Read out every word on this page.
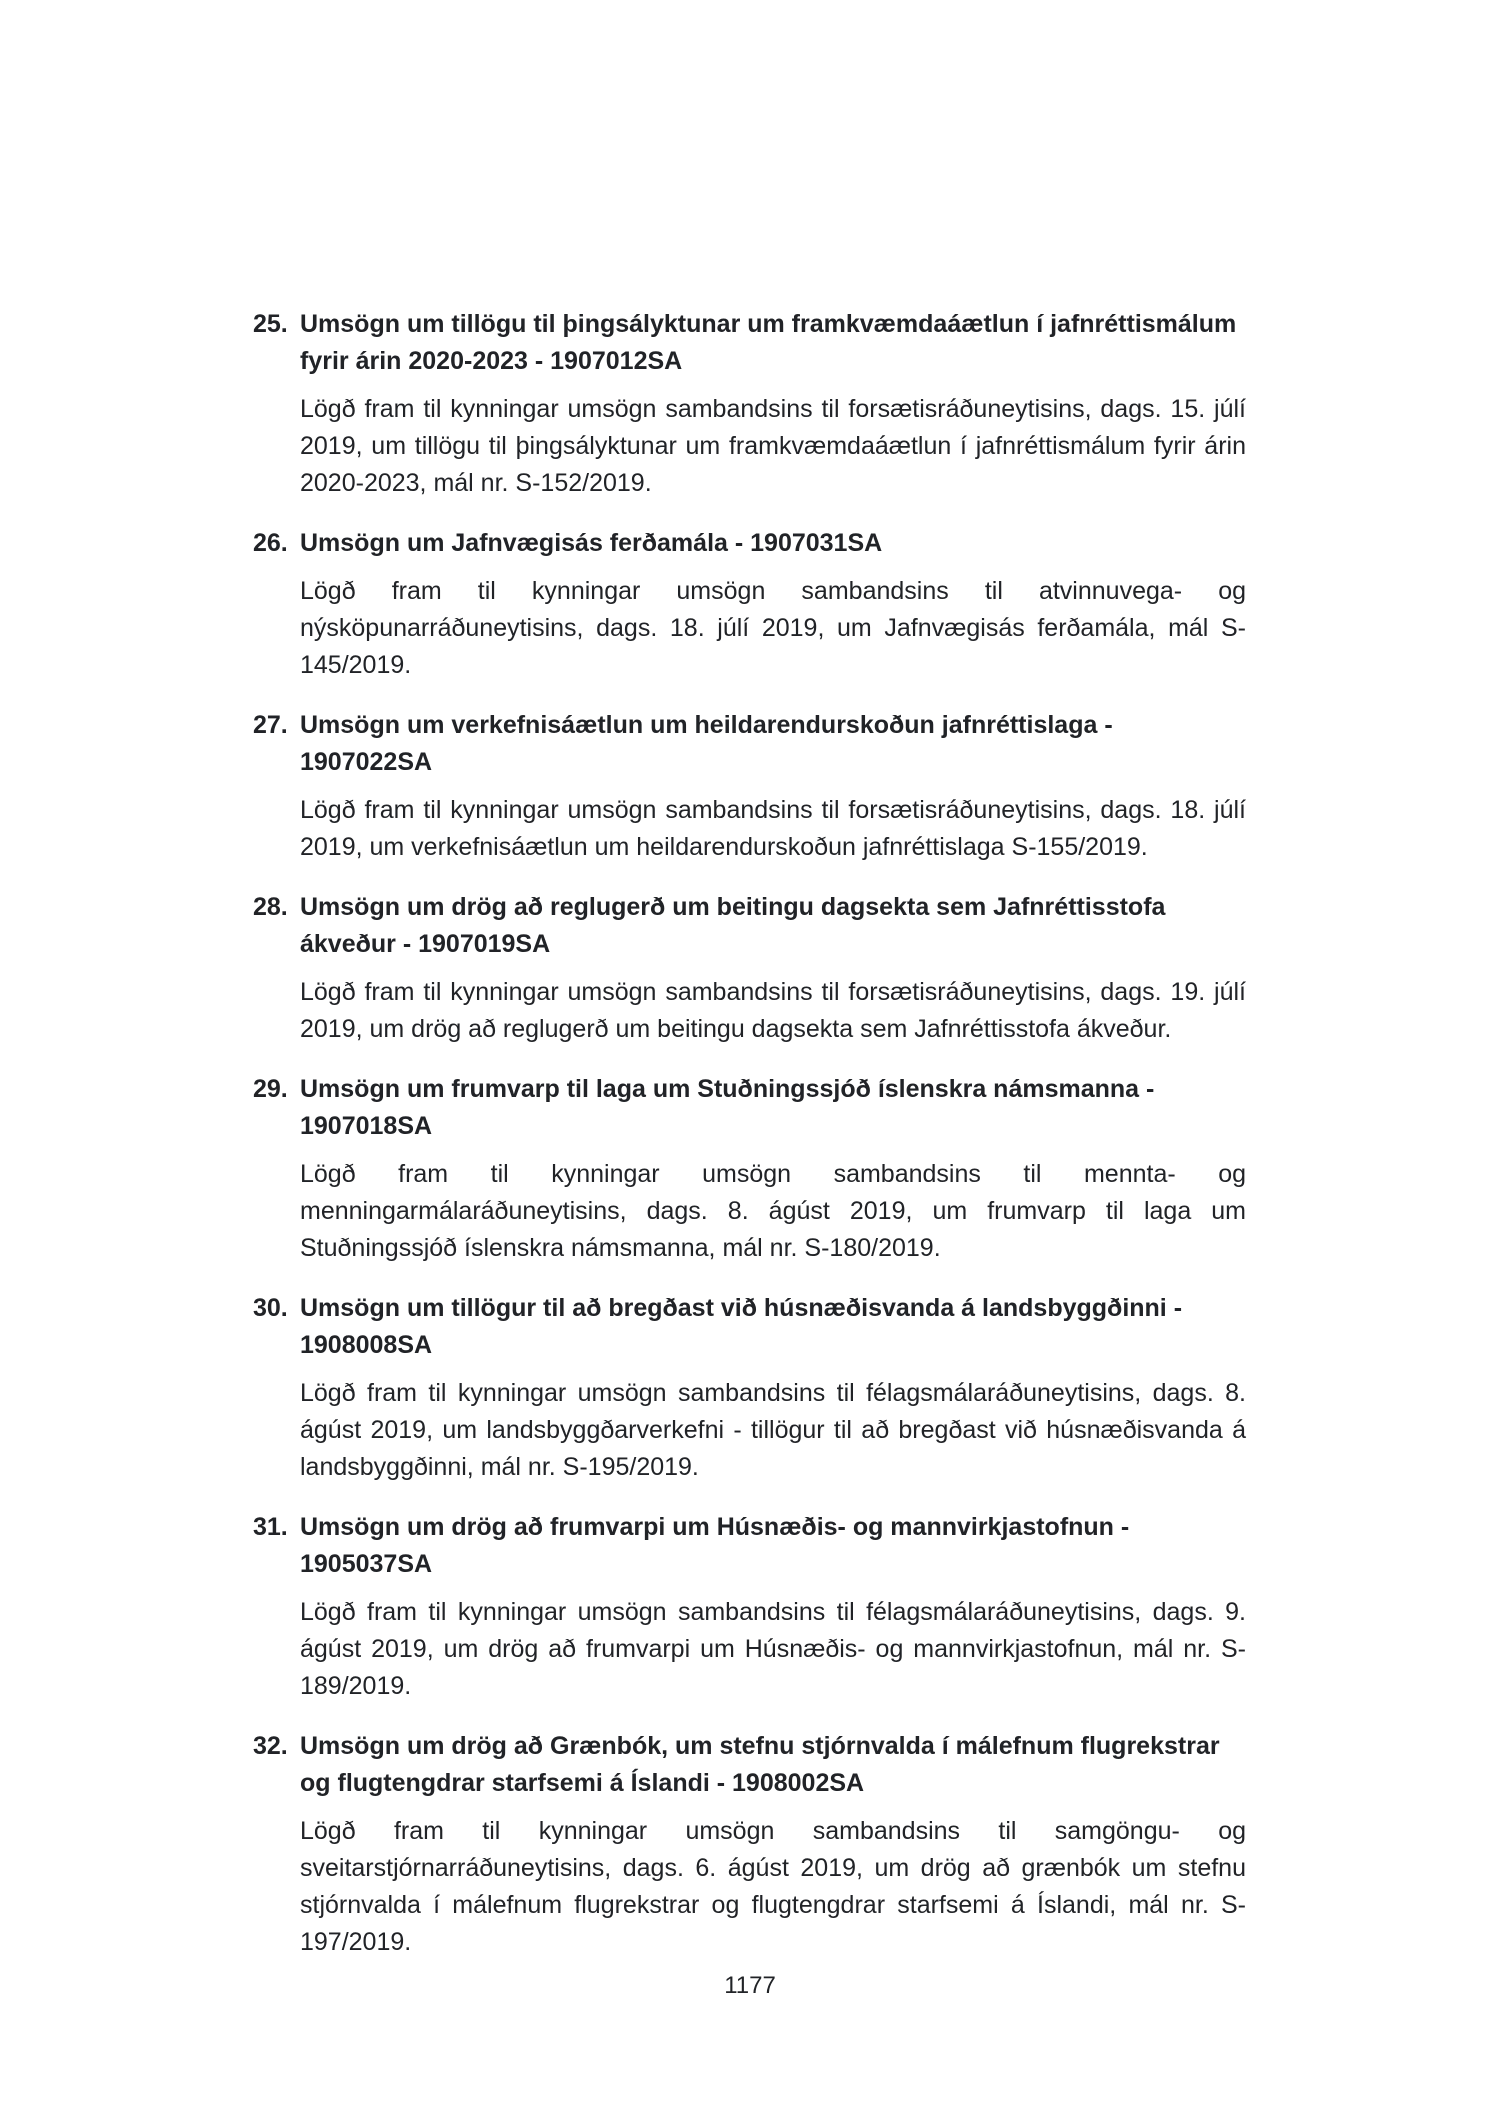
25. Umsögn um tillögu til þingsályktunar um framkvæmdaáætlun í jafnréttismálum fyrir árin 2020-2023 - 1907012SA
Lögð fram til kynningar umsögn sambandsins til forsætisráðuneytisins, dags. 15. júlí 2019, um tillögu til þingsályktunar um framkvæmdaáætlun í jafnréttismálum fyrir árin 2020-2023, mál nr. S-152/2019.
26. Umsögn um Jafnvægisás ferðamála - 1907031SA
Lögð fram til kynningar umsögn sambandsins til atvinnuvega- og nýsköpunarráðuneytisins, dags. 18. júlí 2019, um Jafnvægisás ferðamála, mál S-145/2019.
27. Umsögn um verkefnisáætlun um heildarendurskoðun jafnréttislaga - 1907022SA
Lögð fram til kynningar umsögn sambandsins til forsætisráðuneytisins, dags. 18. júlí 2019, um verkefnisáætlun um heildarendurskoðun jafnréttislaga S-155/2019.
28. Umsögn um drög að reglugerð um beitingu dagsekta sem Jafnréttisstofa ákveður - 1907019SA
Lögð fram til kynningar umsögn sambandsins til forsætisráðuneytisins, dags. 19. júlí 2019, um drög að reglugerð um beitingu dagsekta sem Jafnréttisstofa ákveður.
29. Umsögn um frumvarp til laga um Stuðningssjóð íslenskra námsmanna - 1907018SA
Lögð fram til kynningar umsögn sambandsins til mennta- og menningarmálaráðuneytisins, dags. 8. ágúst 2019, um frumvarp til laga um Stuðningssjóð íslenskra námsmanna, mál nr. S-180/2019.
30. Umsögn um tillögur til að bregðast við húsnæðisvanda á landsbyggðinni - 1908008SA
Lögð fram til kynningar umsögn sambandsins til félagsmálaráðuneytisins, dags. 8. ágúst 2019, um landsbyggðarverkefni - tillögur til að bregðast við húsnæðisvanda á landsbyggðinni, mál nr. S-195/2019.
31. Umsögn um drög að frumvarpi um Húsnæðis- og mannvirkjastofnun - 1905037SA
Lögð fram til kynningar umsögn sambandsins til félagsmálaráðuneytisins, dags. 9. ágúst 2019, um drög að frumvarpi um Húsnæðis- og mannvirkjastofnun, mál nr. S-189/2019.
32. Umsögn um drög að Grænbók, um stefnu stjórnvalda í málefnum flugrekstrar og flugtengdrar starfsemi á Íslandi - 1908002SA
Lögð fram til kynningar umsögn sambandsins til samgöngu- og sveitarstjórnarráðuneytisins, dags. 6. ágúst 2019, um drög að grænbók um stefnu stjórnvalda í málefnum flugrekstrar og flugtengdrar starfsemi á Íslandi, mál nr. S-197/2019.
1177
